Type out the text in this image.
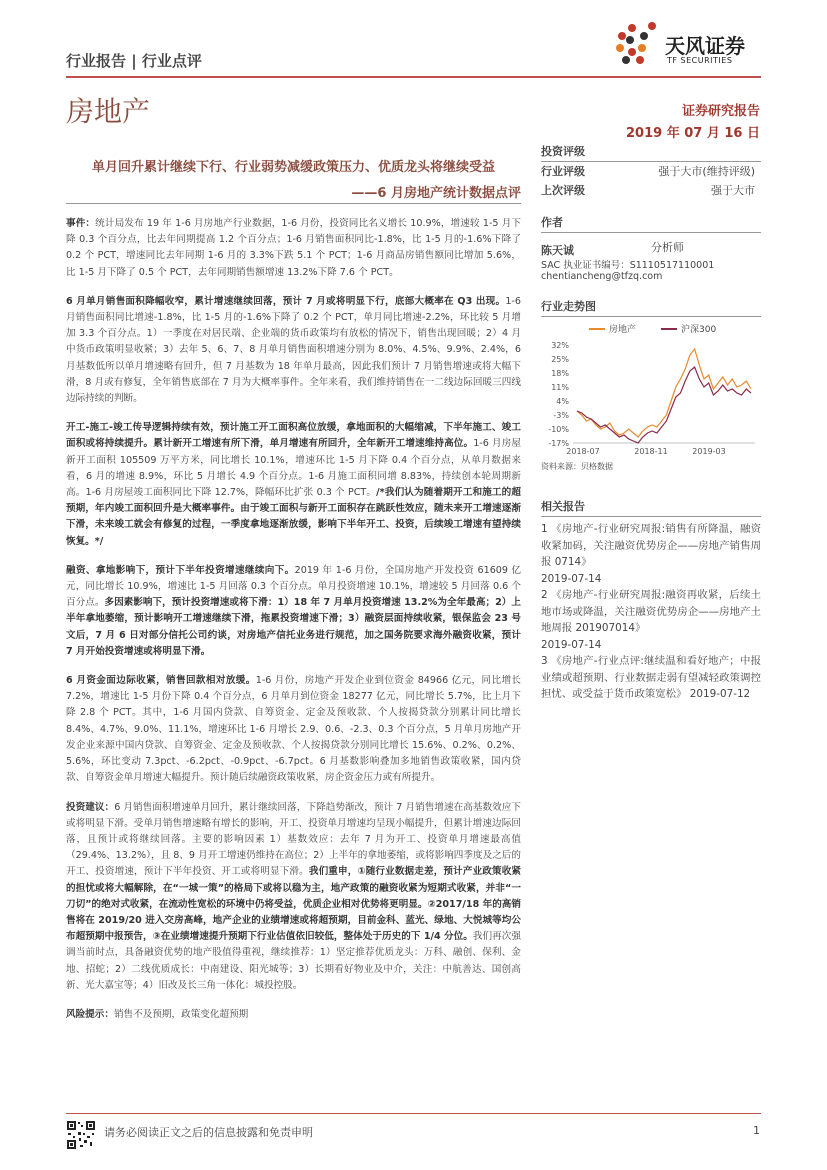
行业报告 | 行业点评
天风证券
TF SECURITIES
房地产	证券研究报告
2019 年 07 月 16 日
单月回升累计继续下行、行业弱势减缓政策压力、优质龙头将继续受益
——6 月房地产统计数据点评

事件：统计局发布 19 年 1-6 月房地产行业数据，1-6 月份，投资同比名义增长 10.9%，增速较 1-5 月下降 0.3 个百分点，比去年同期提高 1.2 个百分点；1-6 月销售面积同比-1.8%，比 1-5 月的-1.6%下降了 0.2 个 PCT，增速同比去年同期 1-6 月的 3.3%下跌 5.1 个 PCT；1-6 月商品房销售额同比增加 5.6%，比 1-5 月下降了 0.5 个 PCT，去年同期销售额增速 13.2%下降 7.6 个 PCT。

6 月单月销售面积降幅收窄，累计增速继续回落，预计 7 月或将明显下行，底部大概率在 Q3 出现。1-6 月销售面积同比增速-1.8%，比 1-5 月的-1.6%下降了 0.2 个 PCT，单月同比增速-2.2%，环比较 5 月增加 3.3 个百分点。1）一季度在对居民端、企业端的货币政策均有放松的情况下，销售出现回暖；2）4 月中货币政策明显收紧；3）去年 5、6、7、8 月单月销售面积增速分别为 8.0%、4.5%、9.9%、2.4%，6 月基数低所以单月增速略有回升，但 7 月基数为 18 年单月最高，因此我们预计 7 月销售增速或将大幅下滑，8 月或有修复，全年销售底部在 7 月为大概率事件。全年来看，我们维持销售在一二线边际回暖三四线边际持续的判断。

开工-施工-竣工传导逻辑持续有效，预计施工开工面积高位放缓，拿地面积的大幅缩减，下半年施工、竣工面积或将持续提升。累计新开工增速有所下滑，单月增速有所回升，全年新开工增速维持高位。1-6 月房屋新开工面积 105509 万平方米，同比增长 10.1%，增速环比 1-5 月下降 0.4 个百分点，从单月数据来看，6 月的增速 8.9%，环比 5 月增长 4.9 个百分点。1-6 月施工面积同增 8.83%，持续创本轮周期新高。1-6 月房屋竣工面积同比下降 12.7%，降幅环比扩张 0.3 个 PCT。/*我们认为随着期开工和施工的超预期，年内竣工面积回升是大概率事件。由于竣工面积与新开工面积存在跳跃性效应，随未来开工增速逐渐下滑，未来竣工就会有修复的过程，一季度拿地逐渐放缓，影响下半年开工、投资，后续竣工增速有望持续恢复。*/

融资、拿地影响下，预计下半年投资增速继续向下。2019 年 1-6 月份，全国房地产开发投资 61609 亿元，同比增长 10.9%，增速比 1-5 月回落 0.3 个百分点。单月投资增速 10.1%，增速较 5 月回落 0.6 个百分点。多因素影响下，预计投资增速或将下滑：1）18 年 7 月单月投资增速 13.2%为全年最高；2）上半年拿地萎缩，预计影响开工增速继续下滑，拖累投资增速下滑；3）融资层面持续收紧，银保监会 23 号文后，7 月 6 日对部分信托公司约谈，对房地产信托业务进行规范，加之国务院要求海外融资收紧，预计 7 月开始投资增速或将明显下滑。

6 月资金面边际收紧，销售回款相对放缓。1-6 月份，房地产开发企业到位资金 84966 亿元，同比增长 7.2%，增速比 1-5 月份下降 0.4 个百分点，6 月单月到位资金 18277 亿元，同比增长 5.7%，比上月下降 2.8 个 PCT。其中，1-6 月国内贷款、自筹资金、定金及预收款、个人按揭贷款分别累计同比增长 8.4%、4.7%、9.0%、11.1%，增速环比 1-6 月增长 2.9、0.6、-2.3、0.3 个百分点，5 月单月房地产开发企业来源中国内贷款、自筹资金、定金及预收款、个人按揭贷款分别同比增长 15.6%、0.2%、0.2%、5.6%，环比变动 7.3pct、-6.2pct、-0.9pct、-6.7pct。6 月基数影响叠加多地销售政策收紧，国内贷款、自筹资金单月增速大幅提升。预计随后续融资政策收紧，房企资金压力或有所提升。

投资建议：6 月销售面积增速单月回升，累计继续回落，下降趋势渐改，预计 7 月销售增速在高基数效应下或将明显下滑。受单月销售增速略有增长的影响，开工、投资单月增速均呈现小幅提升，但累计增速边际回落，且预计或将继续回落。主要的影响因素 1）基数效应：去年 7 月为开工、投资单月增速最高值（29.4%、13.2%），且 8、9 月开工增速仍维持在高位；2）上半年的拿地萎缩，或将影响四季度及之后的开工、投资增速，预计下半年投资、开工或将明显下滑。我们重申，①随行业数据走差，预计产业政策收紧的担忧或将大幅解除，在“一城一策”的格局下或将以稳为主，地产政策的融资收紧为短期式收紧，并非“一刀切”的绝对式收紧，在流动性宽松的环境中仍将受益，优质企业相对优势将更明显。②2017/18 年的高销售将在 2019/20 进入交房高峰，地产企业的业绩增速或将超预期，目前金科、蓝光、绿地、大悦城等均公布超预期中报预告，③在业绩增速提升预期下行业估值依旧较低，整体处于历史的下 1/4 分位。我们再次强调当前时点，具备融资优势的地产股值得重视，继续推荐：1）坚定推荐优质龙头：万科、融创、保利、金地、招蛇；2）二线优质成长：中南建设、阳光城等；3）长期看好物业及中介，关注：中航善达、国创高新、光大嘉宝等；4）旧改及长三角一体化：城投控股。

风险提示：销售不及预期，政策变化超预期

投资评级
行业评级	强于大市(维持评级)
上次评级	强于大市
作者
陈天诚	分析师
SAC 执业证书编号：S1110517110001
chentiancheng@tfzq.com
行业走势图
房地产	沪深300
32%
25%
18%
11%
4%
-3%
-10%
-17%
2018-07	2018-11	2019-03
资料来源：贝格数据
相关报告
1 《房地产-行业研究周报:销售有所降温，融资收紧加码，关注融资优势房企——房地产销售周报 0714》
2019-07-14
2 《房地产-行业研究周报:融资再收紧，后续土地市场或降温，关注融资优势房企——房地产土地周报 201907014》
2019-07-14
3 《房地产-行业点评:继续温和看好地产；中报业绩或超预期、行业数据走弱有望减轻政策调控担忧、或受益于货币政策宽松》 2019-07-12
请务必阅读正文之后的信息披露和免责申明	1
